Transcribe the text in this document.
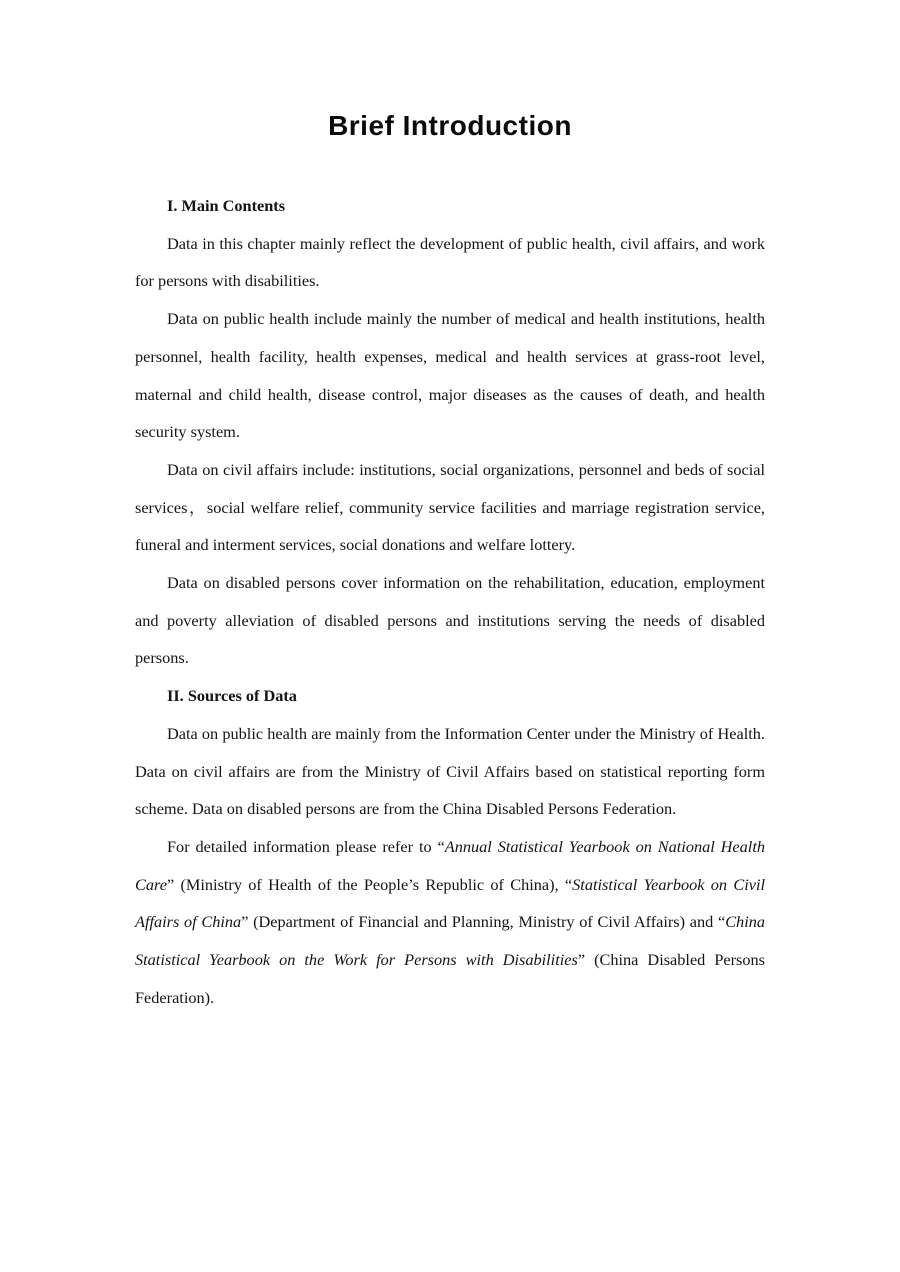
Brief Introduction

I. Main Contents

Data in this chapter mainly reflect the development of public health, civil affairs, and work for persons with disabilities.

Data on public health include mainly the number of medical and health institutions, health personnel, health facility, health expenses, medical and health services at grass-root level, maternal and child health, disease control, major diseases as the causes of death, and health security system.

Data on civil affairs include: institutions, social organizations, personnel and beds of social services，social welfare relief, community service facilities and marriage registration service, funeral and interment services, social donations and welfare lottery.

Data on disabled persons cover information on the rehabilitation, education, employment and poverty alleviation of disabled persons and institutions serving the needs of disabled persons.

II. Sources of Data

Data on public health are mainly from the Information Center under the Ministry of Health. Data on civil affairs are from the Ministry of Civil Affairs based on statistical reporting form scheme. Data on disabled persons are from the China Disabled Persons Federation.

For detailed information please refer to “Annual Statistical Yearbook on National Health Care” (Ministry of Health of the People’s Republic of China), “Statistical Yearbook on Civil Affairs of China” (Department of Financial and Planning, Ministry of Civil Affairs) and “China Statistical Yearbook on the Work for Persons with Disabilities” (China Disabled Persons Federation).
